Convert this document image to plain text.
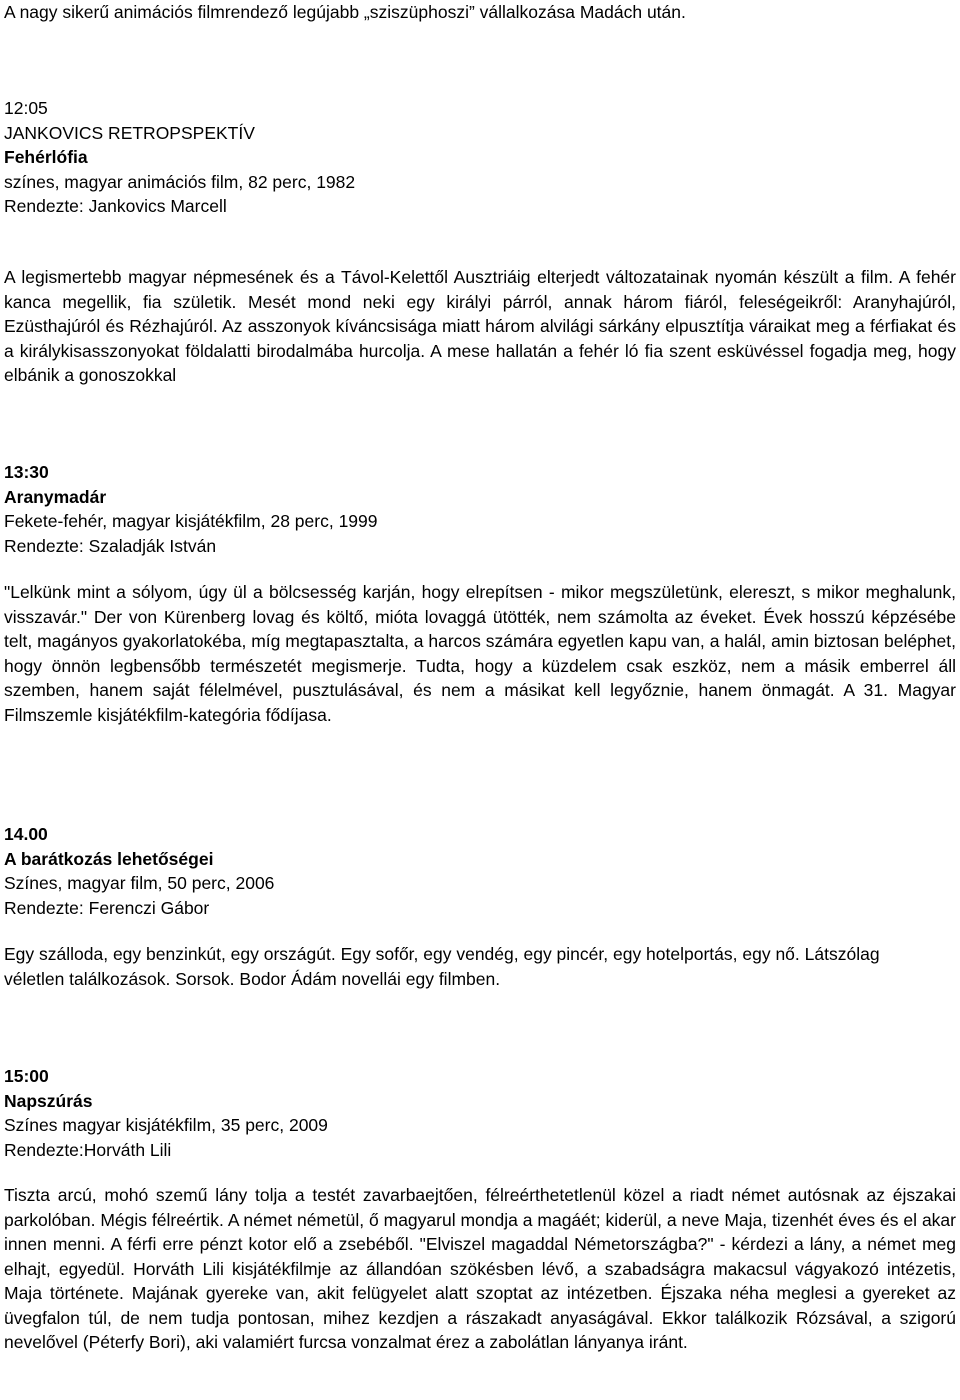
A nagy sikerű animációs filmrendező legújabb „sziszüphoszi” vállalkozása Madách után.
12:05
JANKOVICS RETROPSPEKTÍV
Fehérlófia
színes, magyar animációs film, 82 perc, 1982
Rendezte: Jankovics Marcell
A legismertebb magyar népmesének és a Távol-Kelettől Ausztriáig elterjedt változatainak nyomán készült a film. A fehér kanca megellik, fia születik. Mesét mond neki egy királyi párról, annak három fiáról, feleségeikről: Aranyhajúról, Ezüsthajúról és Rézhajúról. Az asszonyok kíváncsisága miatt három alvilági sárkány elpusztítja váraikat meg a férfiakat és a királykisasszonyokat földalatti birodalmába hurcolja. A mese hallatán a fehér ló fia szent esküvéssel fogadja meg, hogy elbánik a gonoszokkal
13:30
Aranymadár
Fekete-fehér, magyar kisjátékfilm, 28 perc, 1999
Rendezte: Szaladják István
"Lelkünk mint a sólyom, úgy ül a bölcsesség karján, hogy elrepítsen - mikor megszületünk, elereszt, s mikor meghalunk, visszavár." Der von Kürenberg lovag és költő, mióta lovaggá ütötték, nem számolta az éveket. Évek hosszú képzésébe telt, magányos gyakorlatokéba, míg megtapasztalta, a harcos számára egyetlen kapu van, a halál, amin biztosan beléphet, hogy önnön legbensőbb természetét megismerje. Tudta, hogy a küzdelem csak eszköz, nem a másik emberrel áll szemben, hanem saját félelmével, pusztulásával, és nem a másikat kell legyőznie, hanem önmagát. A 31. Magyar Filmszemle kisjátékfilm-kategória fődíjasa.
14.00
A barátkozás lehetőségei
Színes, magyar film, 50 perc, 2006
Rendezte: Ferenczi Gábor
Egy szálloda, egy benzinkút, egy országút. Egy sofőr, egy vendég, egy pincér, egy hotelportás, egy nő. Látszólag véletlen találkozások. Sorsok. Bodor Ádám novellái egy filmben.
15:00
Napszúrás
Színes magyar kisjátékfilm, 35 perc, 2009
Rendezte:Horváth Lili
Tiszta arcú, mohó szemű lány tolja a testét zavarbaejtően, félreérthetetlenül közel a riadt német autósnak az éjszakai parkolóban. Mégis félreértik. A német németül, ő magyarul mondja a magáét; kiderül, a neve Maja, tizenhét éves és el akar innen menni. A férfi erre pénzt kotor elő a zsebéből. "Elviszel magaddal Németországba?" - kérdezi a lány, a német meg elhajt, egyedül. Horváth Lili kisjátékfilmje az állandóan szökésben lévő, a szabadságra makacsul vágyakozó intézetis, Maja története. Majának gyereke van, akit felügyelet alatt szoptat az intézetben. Éjszaka néha meglesi a gyereket az üvegfalon túl, de nem tudja pontosan, mihez kezdjen a rászakadt anyaságával. Ekkor találkozik Rózsával, a szigorú nevelővel (Péterfy Bori), aki valamiért furcsa vonzalmat érez a zabolátlan lányanya iránt.
